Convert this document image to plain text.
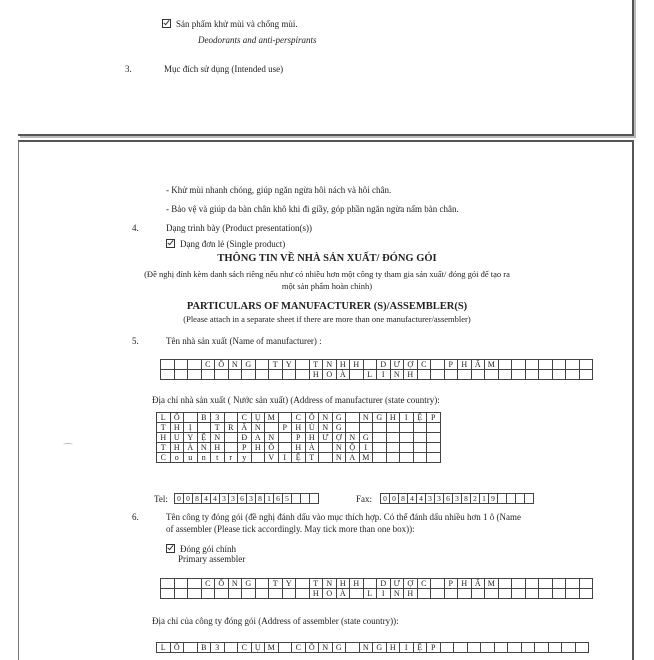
Sản phẩm khử mùi và chống mùi.
Deodorants and anti-perspirants
3.	Mục đích sử dụng (Intended use)
- Khử mùi nhanh chóng, giúp ngăn ngừa hôi nách và hôi chân.
- Bảo vệ và giúp da bàn chân khô khi đi giầy, góp phần ngăn ngừa nấm bàn chân.
4.	Dạng trình bày (Product presentation(s))
Dạng đơn lẻ (Single product)
THÔNG TIN VỀ NHÀ SẢN XUẤT/ ĐÓNG GÓI
(Đề nghị đính kèm danh sách riêng nếu như có nhiều hơn một công ty tham gia sản xuất/ đóng gói để tạo ra
một sản phẩm hoàn chỉnh)
PARTICULARS OF MANUFACTURER (S)/ASSEMBLER(S)
(Please attach in a separate sheet if there are more than one manufacturer/assembler)
5.	Tên nhà sản xuất (Name of manufacturer) :
			C	Ô	N	G		T	Y		T	N	H	H		D	Ư	Ợ	C		P	H	Ẩ	M							
											H	O	À		L	I	N	H													
Địa chỉ nhà sản xuất ( Nước sản xuất) (Address of manufacturer (state country):
L	Ô		B	3		C	Ụ	M		C	Ô	N	G		N	G	H	I	Ệ	P
T	H	Ị		T	R	Ấ	N		P	H	Ù	N	G							
H	U	Y	Ệ	N		Đ	A	N		P	H	Ư	Ợ	N	G					
T	H	À	N	H		P	H	Ố		H	À		N	Ộ	I					
C	o	u	n	t	r	y		V	I	Ệ	T		N	A	M					
Tel: 0	0	8	4	4	3	3	6	3	8	1	6	5				Fax: 0	0	8	4	4	3	3	6	3	8	2	1	9				
6.	Tên công ty đóng gói (đề nghị đánh dấu vào mục thích hợp. Có thể đánh dấu nhiều hơn 1 ô (Name
of assembler (Please tick accordingly. May tick more than one box)):
Đóng gói chính
Primary assembler
			C	Ô	N	G		T	Y		T	N	H	H		D	Ư	Ợ	C		P	H	Ẩ	M							
											H	O	À		L	I	N	H													
Địa chỉ của công ty đóng gói (Address of assembler (state country)):
L	Ô		B	3		C	Ụ	M		C	Ô	N	G		N	G	H	I	Ệ	P											
⌒
